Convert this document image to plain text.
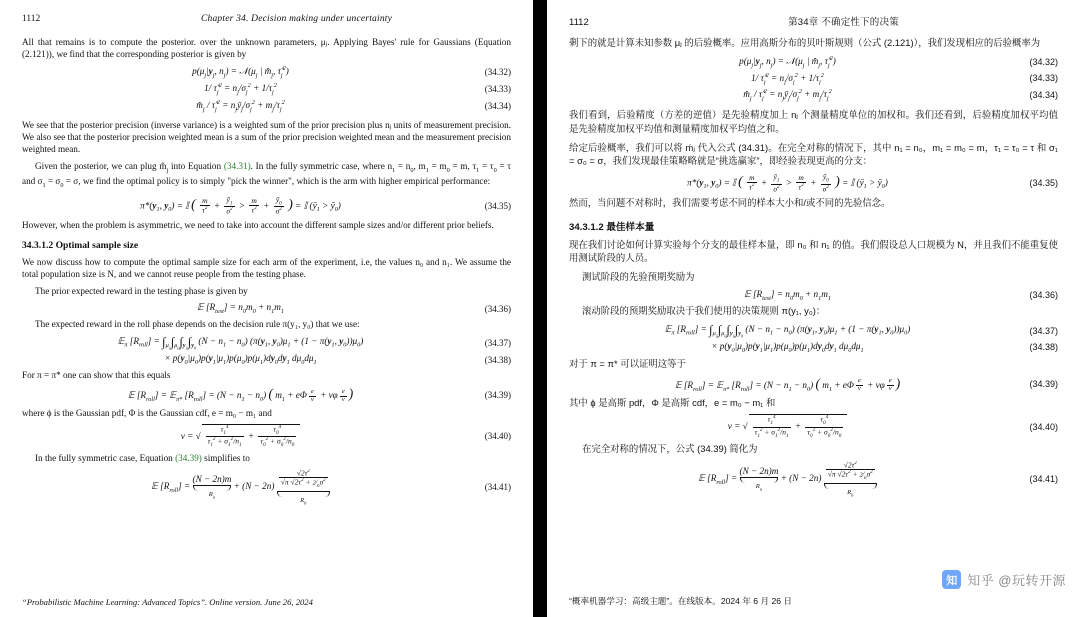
1112	Chapter 34. Decision making under uncertainty

All that remains is to compute the posterior. over the unknown parameters, μⱼ. Applying Bayes' rule for Gaussians (Equation (2.121)), we find that the corresponding posterior is given by

$p(\mu_j|y_j$, $n_j$) = $𝒩(\mu_j$ | $m̂_j$, $\taû_j^2$)	(34.32)
1/ $\taû_j^2 = n_j/\sigma_j^2 + 1/\tau_j^2$	(34.33)
$m̂_j$ / $\taû_j^2$ = $n_jȳ_j/\sigma_j^2 + m_j/\tau_j^2$	(34.34)

We see that the posterior precision (inverse variance) is a weighted sum of the prior precision plus nⱼ units of measurement precision. We also see that the posterior precision weighted mean is a sum of the prior precision weighted mean and the measurement precision weighted mean.

Given the posterior, we can plug $m̂_j$ into Equation (34.31). In the fully symmetric case, where $n_1 = n_0$, $m_1 = m_0 = m$, $\tau_1 = \tau_0 = \tau$ and $\sigma_1 = \sigma_0 = \sigma$, we find the optimal policy is to simply "pick the winner", which is the arm with higher empirical performance:

$\pi*(y_1$, $y_0$) = 𝕀 ( $\frac{m}{\tau^2} + \frac{ȳ_1}{\sigma^2} > \frac{m}{\tau^2} + \frac{ȳ_0}{\sigma^2}$ ) = 𝕀 ($ȳ_1$ > $ȳ_0$)	(34.35)

However, when the problem is asymmetric, we need to take into account the different sample sizes and/or different prior beliefs.

34.3.1.2 Optimal sample size

We now discuss how to compute the optimal sample size for each arm of the experiment, i.e, the values n₀ and n₁. We assume the total population size is N, and we cannot reuse people from the testing phase.

The prior expected reward in the testing phase is given by

𝔼 $[R_{test}] = n_0m_0 + n_1m_1$	(34.36)

The expected reward in the roll phase depends on the decision rule π(y₁, y₀) that we use:

𝔼$_\pi$ $[R_{roll}] = \int_{\mu_1}\int_{\mu_0}\int_{y_1}\int_{y_0}$ $(N - n_1 - n_0)$ ($\pi(y_1$, $y_0)\mu_1 + (1 - \pi(y_1$, $y_0))\mu_0$)	(34.37)
× $p(y_0|\mu_0)p(y_1|\mu_1)p(\mu_0)p(\mu_1)dy_0dy_1$ $d\mu_0d\mu_1$	(34.38)

For π = π* one can show that this equals

𝔼 $[R_{roll}]$ = 𝔼$_{\pi*}$ $[R_{roll}] = (N - n_1 - n_0)$ ( $m_1 + e\Phi \frac{e}{v} + v\varphi \frac{e}{v}$ )	(34.39)

where ϕ is the Gaussian pdf, Φ is the Gaussian cdf, e = m₀ − m₁ and

v = √ $\frac{\tau_1^4}{\tau_1^2 + \sigma_1^2/n_1} + \frac{\tau_0^4}{\tau_0^2 + \sigma_0^2/n_0}$	(34.40)

In the fully symmetric case, Equation (34.39) simplifies to

𝔼 $[R_{roll}]$ =
(N − 2n)m
$R_a$
+ $(N - 2n) \frac{√2\tau^2}{√\pi √2\tau^2 + 2⁄_n\sigma^2}$
$R_b$
(34.41)
“Probabilistic Machine Learning: Advanced Topics”. Online version. June 26, 2024
1112	第34章 不确定性下的决策

剩下的就是计算未知参数 μⱼ 的后验概率。应用高斯分布的贝叶斯规则（公式 (2.121)），我们发现相应的后验概率为

$p(\mu_j|y_j$, $n_j$) = $𝒩(\mu_j$ | $m̂_j$, $\taû_j^2$)	(34.32)
1/ $\taû_j^2 = n_j/\sigma_j^2 + 1/\tau_j^2$	(34.33)
$m̂_j$ / $\taû_j^2$ = $n_jȳ_j/\sigma_j^2 + m_j/\tau_j^2$	(34.34)

我们看到，后验精度（方差的逆值）是先验精度加上 nⱼ 个测量精度单位的加权和。我们还看到，后验精度加权平均值是先验精度加权平均值和测量精度加权平均值之和。

给定后验概率，我们可以将 ḿⱼ 代入公式 (34.31)。在完全对称的情况下，其中 n₁ = n₀，m₁ = m₀ = m，τ₁ = τ₀ = τ 和 σ₁ = σ₀ = σ，我们发现最佳策略略就是“挑选赢家”，即经验表现更高的分支：

$\pi*(y_1$, $y_0$) = 𝕀 ( $\frac{m}{\tau^2} + \frac{ȳ_1}{\sigma^2} > \frac{m}{\tau^2} + \frac{ȳ_0}{\sigma^2}$ ) = 𝕀 ($ȳ_1$ > $ȳ_0$)	(34.35)

然而，当问题不对称时，我们需要考虑不同的样本大小和/或不同的先验信念。

34.3.1.2 最佳样本量

现在我们讨论如何计算实验每个分支的最佳样本量，即 n₀ 和 n₁ 的值。我们假设总人口规模为 N，并且我们不能重复使用测试阶段的人员。

测试阶段的先验预期奖励为

𝔼 $[R_{test}] = n_0m_0 + n_1m_1$	(34.36)

滚动阶段的预期奖励取决于我们使用的决策规则 π(y₁, y₀)：

𝔼$_\pi$ $[R_{roll}] = \int_{\mu_1}\int_{\mu_0}\int_{y_1}\int_{y_0}$ $(N - n_1 - n_0)$ ($\pi(y_1$, $y_0)\mu_1 + (1 - \pi(y_1$, $y_0))\mu_0$)	(34.37)
× $p(y_0|\mu_0)p(y_1|\mu_1)p(\mu_0)p(\mu_1)dy_0dy_1$ $d\mu_0d\mu_1$	(34.38)

对于 π = π* 可以证明这等于

𝔼 $[R_{roll}]$ = 𝔼$_{\pi*}$ $[R_{roll}] = (N - n_1 - n_0)$ ( $m_1 + e\Phi \frac{e}{v} + v\varphi \frac{e}{v}$ )	(34.39)

其中 ϕ 是高斯 pdf，Φ 是高斯 cdf，e = m₀ − m₁ 和

v = √ $\frac{\tau_1^4}{\tau_1^2 + \sigma_1^2/n_1} + \frac{\tau_0^4}{\tau_0^2 + \sigma_0^2/n_0}$	(34.40)

在完全对称的情况下，公式 (34.39) 简化为

𝔼 $[R_{roll}]$ =
(N − 2n)m
$R_a$
+ $(N - 2n) \frac{√2\tau^2}{√\pi √2\tau^2 + 2⁄_n\sigma^2}$
$R_b$
(34.41)
“概率机器学习：高级主题”。在线版本。2024 年 6 月 26 日
知 知乎 @玩转开源
